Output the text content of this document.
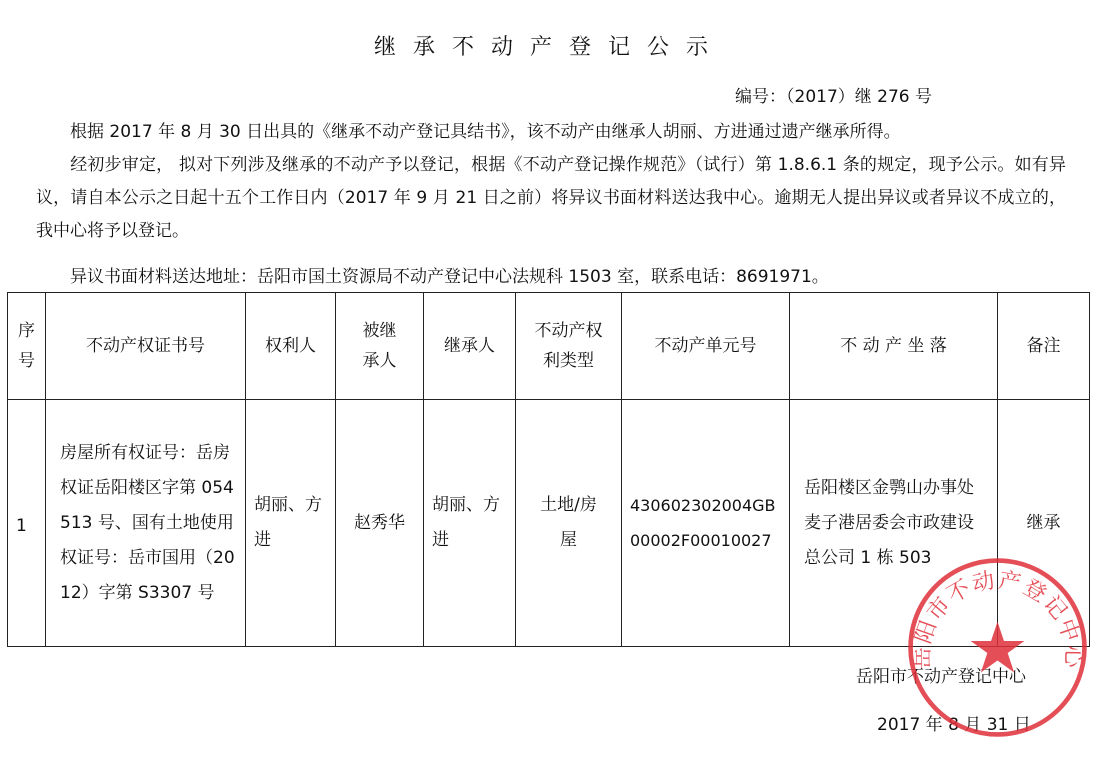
继承不动产登记公示
编号：（2017）继 276 号
根据 2017 年 8 月 30 日出具的《继承不动产登记具结书》，该不动产由继承人胡丽、方进通过遗产继承所得。
经初步审定， 拟对下列涉及继承的不动产予以登记，根据《不动产登记操作规范》（试行）第 1.8.6.1 条的规定，现予公示。如有异议，请自本公示之日起十五个工作日内（2017 年 9 月 21 日之前）将异议书面材料送达我中心。逾期无人提出异议或者异议不成立的，我中心将予以登记。
异议书面材料送达地址：岳阳市国土资源局不动产登记中心法规科 1503 室，联系电话：8691971。
序号	不动产权证书号	权利人	被继承人	继承人	不动产权利类型	不动产单元号	不 动 产 坐 落	备注
1	房屋所有权证号：岳房权证岳阳楼区字第 054513 号、国有土地使用权证号：岳市国用（2012）字第 S3307 号	胡丽、方进	赵秀华	胡丽、方进	土地/房屋	430602302004GB00002F00010027	岳阳楼区金鹗山办事处麦子港居委会市政建设总公司 1 栋 503	继承
岳阳市不动产登记中心
2017 年 8 月 31 日
岳阳市不动产登记中心
